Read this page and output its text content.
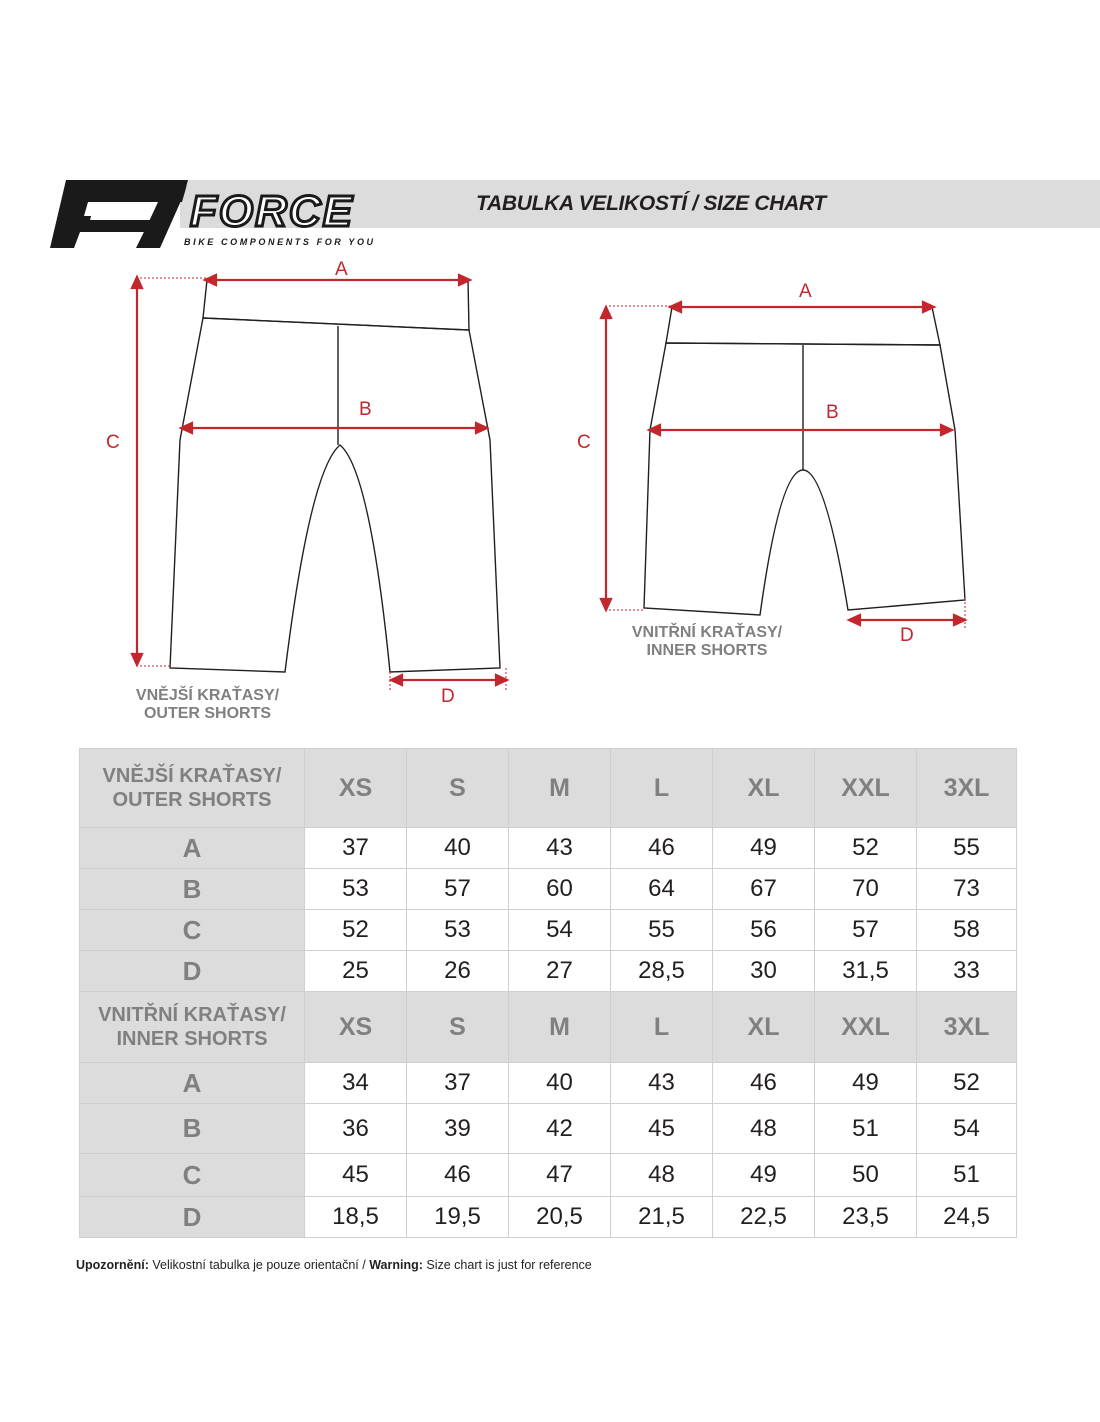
FORCE
BIKE COMPONENTS FOR YOU
TABULKA VELIKOSTÍ / SIZE CHART
A
B
C
D
A
B
C
D
VNĚJŠÍ KRAŤASY/
OUTER SHORTS
VNITŘNÍ KRAŤASY/
INNER SHORTS
VNĚJŠÍ KRAŤASY/
OUTER SHORTS	XS	S	M	L	XL	XXL	3XL
A	37	40	43	46	49	52	55
B	53	57	60	64	67	70	73
C	52	53	54	55	56	57	58
D	25	26	27	28,5	30	31,5	33

VNITŘNÍ KRAŤASY/
INNER SHORTS	XS	S	M	L	XL	XXL	3XL
A	34	37	40	43	46	49	52
B	36	39	42	45	48	51	54
C	45	46	47	48	49	50	51
D	18,5	19,5	20,5	21,5	22,5	23,5	24,5
Upozornění: Velikostní tabulka je pouze orientační / Warning: Size chart is just for reference
